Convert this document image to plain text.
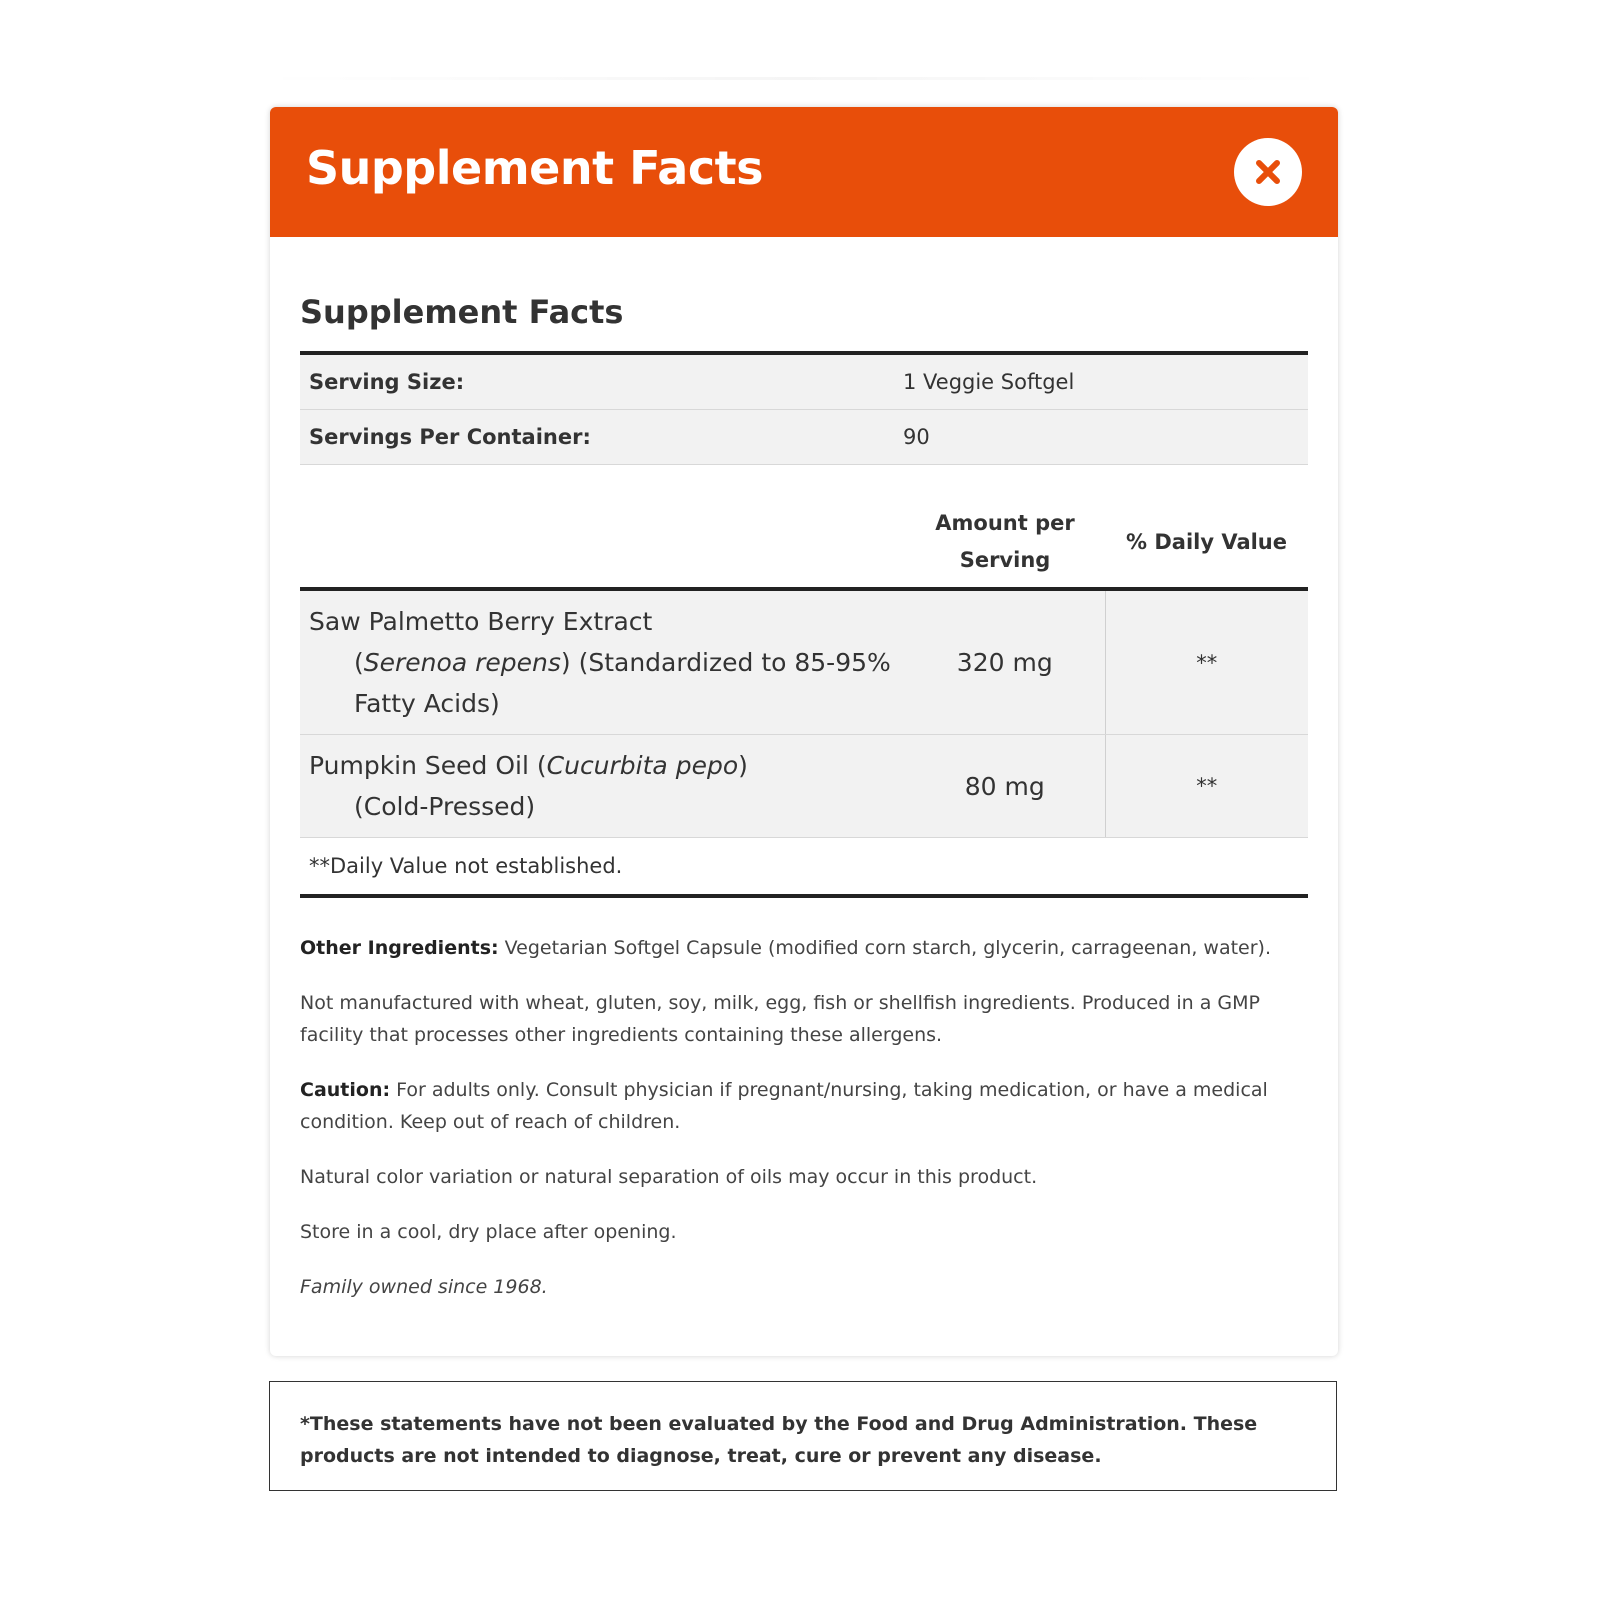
Supplement Facts
Supplement Facts
Serving Size:	1 Veggie Softgel
Servings Per Container:	90
	Amount per Serving	% Daily Value

Saw Palmetto Berry Extract
(Serenoa repens) (Standardized to 85-95% Fatty Acids)	320 mg	**

Pumpkin Seed Oil (Cucurbita pepo)
(Cold-Pressed)	80 mg	**
**Daily Value not established.		

Other Ingredients: Vegetarian Softgel Capsule (modified corn starch, glycerin, carrageenan, water).

Not manufactured with wheat, gluten, soy, milk, egg, fish or shellfish ingredients. Produced in a GMP facility that processes other ingredients containing these allergens.

Caution: For adults only. Consult physician if pregnant/nursing, taking medication, or have a medical condition. Keep out of reach of children.

Natural color variation or natural separation of oils may occur in this product.

Store in a cool, dry place after opening.

Family owned since 1968.

*These statements have not been evaluated by the Food and Drug Administration. These products are not intended to diagnose, treat, cure or prevent any disease.
